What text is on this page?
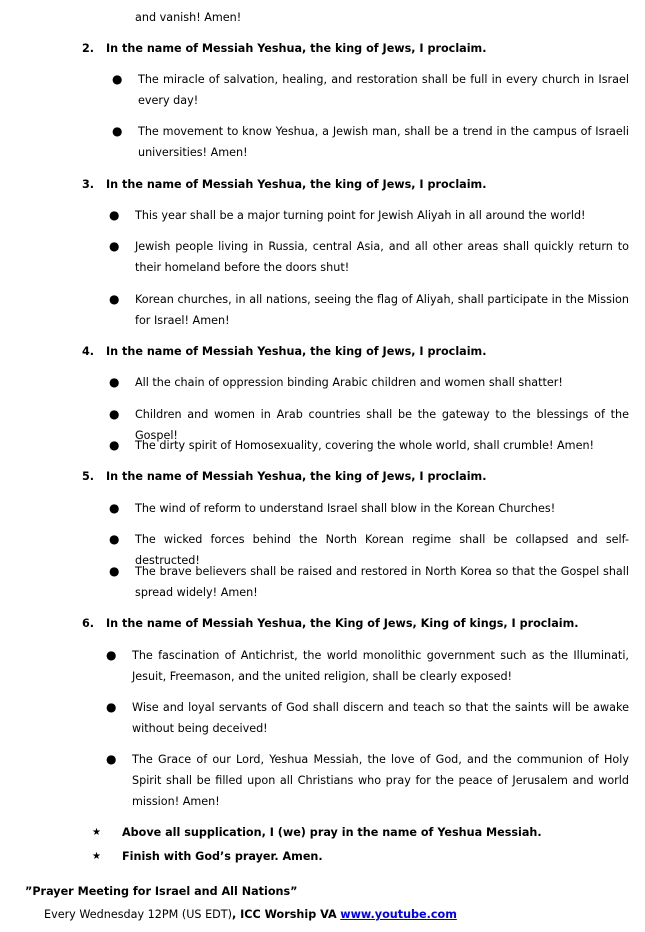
and vanish! Amen!
2. In the name of Messiah Yeshua, the king of Jews, I proclaim.
● The miracle of salvation, healing, and restoration shall be full in every church in Israel every day!
● The movement to know Yeshua, a Jewish man, shall be a trend in the campus of Israeli universities! Amen!
3. In the name of Messiah Yeshua, the king of Jews, I proclaim.
● This year shall be a major turning point for Jewish Aliyah in all around the world!
● Jewish people living in Russia, central Asia, and all other areas shall quickly return to their homeland before the doors shut!
● Korean churches, in all nations, seeing the flag of Aliyah, shall participate in the Mission for Israel! Amen!
4. In the name of Messiah Yeshua, the king of Jews, I proclaim.
● All the chain of oppression binding Arabic children and women shall shatter!
● Children and women in Arab countries shall be the gateway to the blessings of the Gospel!
● The dirty spirit of Homosexuality, covering the whole world, shall crumble! Amen!
5. In the name of Messiah Yeshua, the king of Jews, I proclaim.
● The wind of reform to understand Israel shall blow in the Korean Churches!
● The wicked forces behind the North Korean regime shall be collapsed and self-destructed!
● The brave believers shall be raised and restored in North Korea so that the Gospel shall spread widely! Amen!
6. In the name of Messiah Yeshua, the King of Jews, King of kings, I proclaim.
● The fascination of Antichrist, the world monolithic government such as the Illuminati, Jesuit, Freemason, and the united religion, shall be clearly exposed!
● Wise and loyal servants of God shall discern and teach so that the saints will be awake without being deceived!
● The Grace of our Lord, Yeshua Messiah, the love of God, and the communion of Holy Spirit shall be filled upon all Christians who pray for the peace of Jerusalem and world mission! Amen!
★ Above all supplication, I (we) pray in the name of Yeshua Messiah.
★ Finish with God’s prayer. Amen.
”Prayer Meeting for Israel and All Nations”
Every Wednesday 12PM (US EDT), ICC Worship VA www.youtube.com
